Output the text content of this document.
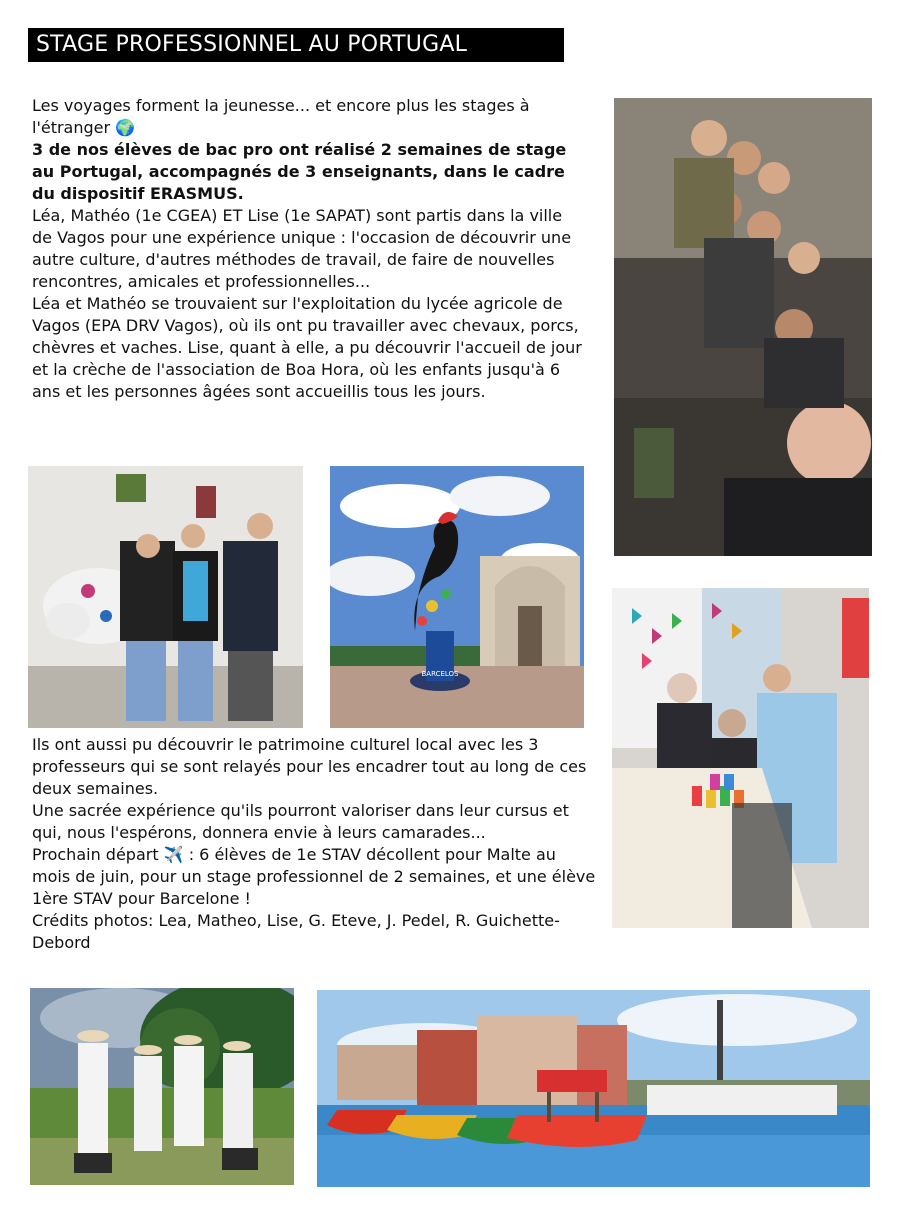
STAGE PROFESSIONNEL AU PORTUGAL

Les voyages forment la jeunesse... et encore plus les stages à l'étranger 🌍

3 de nos élèves de bac pro ont réalisé 2 semaines de stage au Portugal, accompagnés de 3 enseignants, dans le cadre du dispositif ERASMUS.

Léa, Mathéo (1e CGEA) ET Lise (1e SAPAT) sont partis dans la ville de Vagos pour une expérience unique : l'occasion de découvrir une autre culture, d'autres méthodes de travail, de faire de nouvelles rencontres, amicales et professionnelles...

Léa et Mathéo se trouvaient sur l'exploitation du lycée agricole de Vagos (EPA DRV Vagos), où ils ont pu travailler avec chevaux, porcs, chèvres et vaches. Lise, quant à elle, a pu découvrir l'accueil de jour et la crèche de l'association de Boa Hora, où les enfants jusqu'à 6 ans et les personnes âgées sont accueillis tous les jours.

Ils ont aussi pu découvrir le patrimoine culturel local avec les 3 professeurs qui se sont relayés pour les encadrer tout au long de ces deux semaines.

Une sacrée expérience qu'ils pourront valoriser dans leur cursus et qui, nous l'espérons, donnera envie à leurs camarades...

Prochain départ ✈️ : 6 élèves de 1e STAV décollent pour Malte au mois de juin, pour un stage professionnel de 2 semaines, et une élève 1ère STAV pour Barcelone !

Crédits photos: Lea, Matheo, Lise, G. Eteve, J. Pedel, R. Guichette-Debord

BARCELOS
